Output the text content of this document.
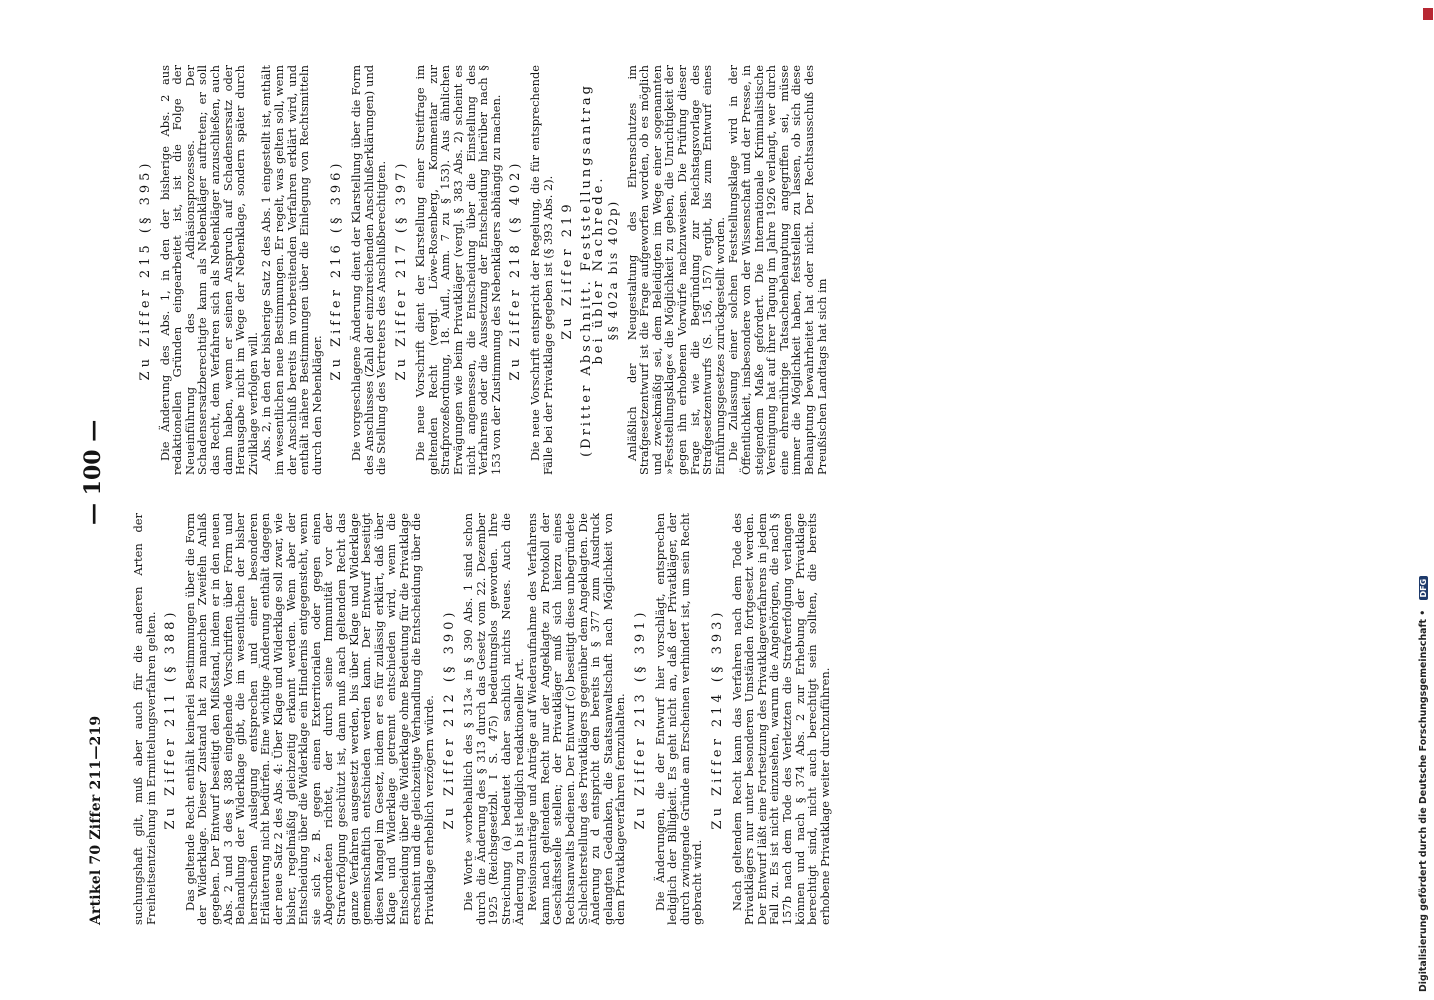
Artikel 70 Ziffer 211—219
— 100 —

suchungshaft gilt, muß aber auch für die anderen Arten der Freiheitsentziehung im Ermittelungsverfahren gelten. Zu Ziffer 211 (§ 388) Das geltende Recht enthält keinerlei Bestimmungen über die Form der Widerklage. Dieser Zustand hat zu manchen Zweifeln Anlaß gegeben. Der Entwurf beseitigt den Mißstand, indem er in den neuen Abs. 2 und 3 des § 388 eingehende Vorschriften über Form und Behandlung der Widerklage gibt, die im wesentlichen der bisher herrschenden Auslegung entsprechen und einer besonderen Erläuterung nicht bedürfen. Eine wichtige Änderung enthält dagegen der neue Satz 2 des Abs. 4: Über Klage und Widerklage soll zwar, wie bisher, regelmäßig gleichzeitig erkannt werden. Wenn aber der Entscheidung über die Widerklage ein Hindernis entgegensteht, wenn sie sich z. B. gegen einen Exterritorialen oder gegen einen Abgeordneten richtet, der durch seine Immunität vor der Strafverfolgung geschützt ist, dann muß nach geltendem Recht das ganze Verfahren ausgesetzt werden, bis über Klage und Widerklage gemeinschaftlich entschieden werden kann. Der Entwurf beseitigt diesen Mangel im Gesetz, indem er es für zulässig erklärt, daß über Klage und Widerklage getrennt entschieden wird, wenn die Entscheidung über die Widerklage ohne Bedeutung für die Privatklage erscheint und die gleichzeitige Verhandlung die Entscheidung über die Privatklage erheblich verzögern würde. Zu Ziffer 212 (§ 390) Die Worte »vorbehaltlich des § 313« in § 390 Abs. 1 sind schon durch die Änderung des § 313 durch das Gesetz vom 22. Dezember 1925 (Reichsgesetzbl. I S. 475) bedeutungslos geworden. Ihre Streichung (a) bedeutet daher sachlich nichts Neues. Auch die Änderung zu b ist lediglich redaktioneller Art. Revisionsanträge und Anträge auf Wiederaufnahme des Verfahrens kann nach geltendem Recht nur der Angeklagte zu Protokoll der Geschäftsstelle stellen; der Privatkläger muß sich hierzu eines Rechtsanwalts bedienen. Der Entwurf (c) beseitigt diese unbegründete Schlechterstellung des Privatklägers gegenüber dem Angeklagten. Die Änderung zu d entspricht dem bereits in § 377 zum Ausdruck gelangten Gedanken, die Staatsanwaltschaft nach Möglichkeit von dem Privatklageverfahren fernzuhalten. Zu Ziffer 213 (§ 391) Die Änderungen, die der Entwurf hier vorschlägt, entsprechen lediglich der Billigkeit. Es geht nicht an, daß der Privatkläger, der durch zwingende Gründe am Erscheinen verhindert ist, um sein Recht gebracht wird.

Zu Ziffer 214 (§ 393) Nach geltendem Recht kann das Verfahren nach dem Tode des Privatklägers nur unter besonderen Umständen fortgesetzt werden. Der Entwurf läßt eine Fortsetzung des Privatklageverfahrens in jedem Fall zu. Es ist nicht einzusehen, warum die Angehörigen, die nach § 157b nach dem Tode des Verletzten die Strafverfolgung verlangen können und nach § 374 Abs. 2 zur Erhebung der Privatklage berechtigt sind, nicht auch berechtigt sein sollten, die bereits erhobene Privatklage weiter durchzuführen.

Zu Ziffer 215 (§ 395) Die Änderung des Abs. 1, in den der bisherige Abs. 2 aus redaktionellen Gründen eingearbeitet ist, ist die Folge der Neueinführung des Adhäsionsprozesses. Der Schadensersatzberechtigte kann als Nebenkläger auftreten; er soll das Recht, dem Verfahren sich als Nebenkläger anzuschließen, auch dann haben, wenn er seinen Anspruch auf Schadensersatz oder Herausgabe nicht im Wege der Nebenklage, sondern später durch Zivilklage verfolgen will. Abs. 2, in den der bisherige Satz 2 des Abs. 1 eingestellt ist, enthält im wesentlichen neue Bestimmungen. Er regelt, was gelten soll, wenn der Anschluß bereits im vorbereitenden Verfahren erklärt wird, und enthält nähere Bestimmungen über die Einlegung von Rechtsmitteln durch den Nebenkläger.

Zu Ziffer 216 (§ 396) Die vorgeschlagene Änderung dient der Klarstellung über die Form des Anschlusses (Zahl der einzureichenden Anschlußerklärungen) und die Stellung des Vertreters des Anschlußberechtigten. Zu Ziffer 217 (§ 397) Die neue Vorschrift dient der Klarstellung einer Streitfrage im geltenden Recht (vergl. Löwe-Rosenberg, Kommentar zur Strafprozeßordnung, 18. Aufl., Anm. 7 zu § 153). Aus ähnlichen Erwägungen wie beim Privatkläger (vergl. § 383 Abs. 2) scheint es nicht angemessen, die Entscheidung über die Einstellung des Verfahrens oder die Aussetzung der Entscheidung hierüber nach § 153 von der Zustimmung des Nebenklägers abhängig zu machen. Zu Ziffer 218 (§ 402) Die neue Vorschrift entspricht der Regelung, die für entsprechende Fälle bei der Privatklage gegeben ist (§ 393 Abs. 2). Zu Ziffer 219 (Dritter Abschnitt. Feststellungsantrag bei übler Nachrede. §§ 402a bis 402p) Anläßlich der Neugestaltung des Ehrenschutzes im Strafgesetzentwurf ist die Frage aufgeworfen worden, ob es möglich und zweckmäßig sei, dem Beleidigten im Wege einer sogenannten »Feststellungsklage« die Möglichkeit zu geben, die Unrichtigkeit der gegen ihn erhobenen Vorwürfe nachzuweisen. Die Prüfung dieser Frage ist, wie die Begründung zur Reichstagsvorlage des Strafgesetzentwurfs (S. 156, 157) ergibt, bis zum Entwurf eines Einführungsgesetzes zurückgestellt worden. Die Zulassung einer solchen Feststellungsklage wird in der Öffentlichkeit, insbesondere von der Wissenschaft und der Presse, in steigendem Maße gefordert. Die Internationale Kriminalistische Vereinigung hat auf ihrer Tagung im Jahre 1926 verlangt, wer durch eine ehrenrührige Tatsachenbehauptung angegriffen sei, müsse immer die Möglichkeit haben, feststellen zu lassen, ob sich diese Behauptung bewahrheitet hat oder nicht. Der Rechtsausschuß des Preußischen Landtags hat sich im

Digitalisierung gefördert durch die Deutsche Forschungsgemeinschaft • DFG
